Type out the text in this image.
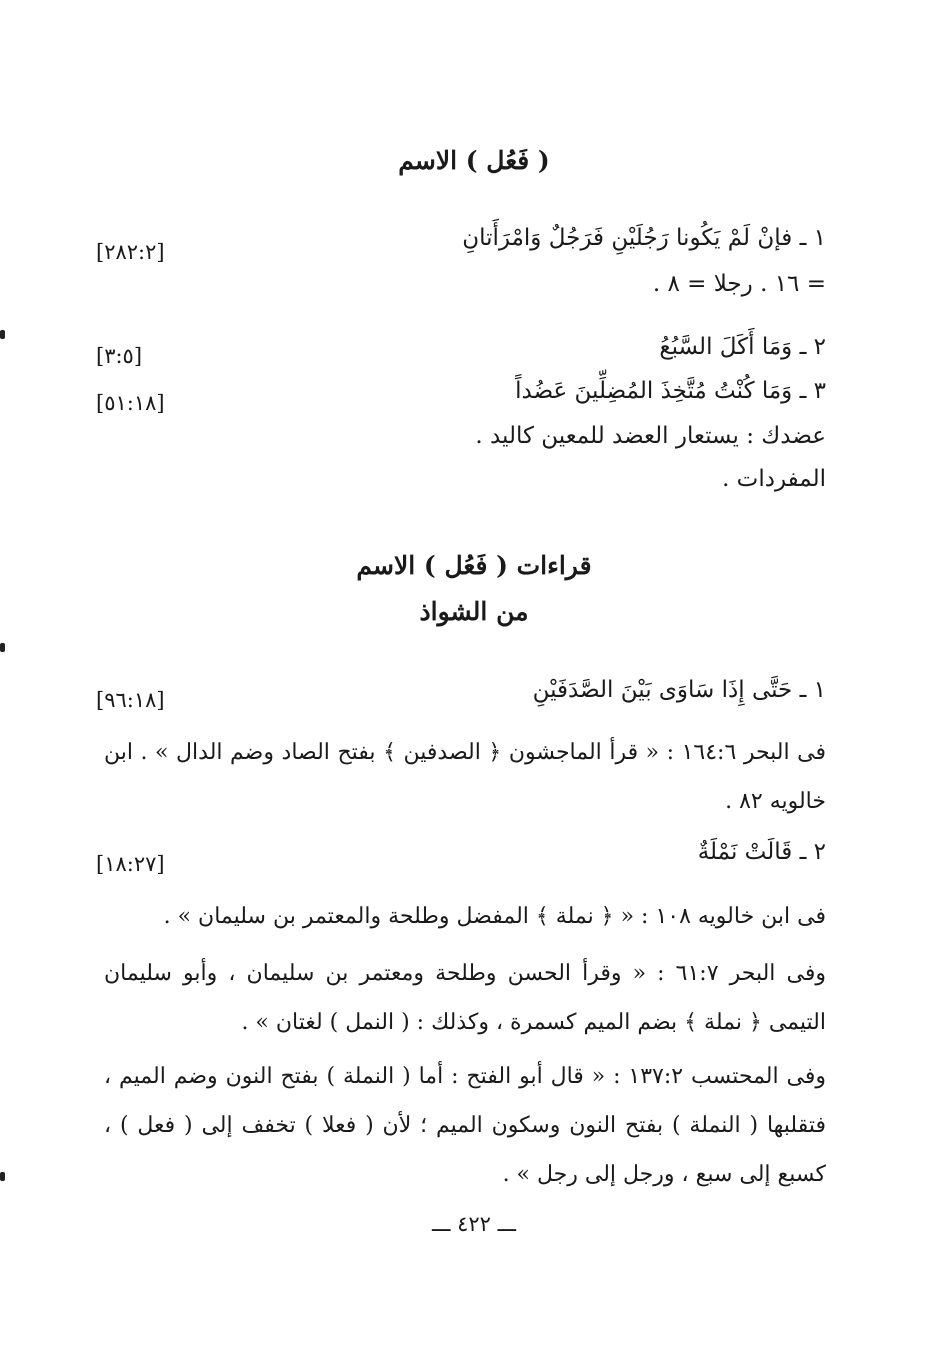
( فَعُل ) الاسم
١ ـ فإنْ لَمْ يَكُونا رَجُلَيْنِ فَرَجُلٌ وَامْرَأَتانِ
[٢٨٢:٢]
= ١٦ . رجلا = ٨ .
٢ ـ وَمَا أَكَلَ السَّبُعُ
[٣:٥]
٣ ـ وَمَا كُنْتُ مُتَّخِذَ المُضِلِّينَ عَضُداً
[٥١:١٨]
عضدك : يستعار العضد للمعين كاليد .
المفردات .
قراءات ( فَعُل ) الاسم
من الشواذ
١ ـ حَتَّى إِذَا سَاوَى بَيْنَ الصَّدَفَيْنِ
[٩٦:١٨]
فى البحر ١٦٤:٦ : « قرأ الماجشون ﴿ الصدفين ﴾ بفتح الصاد وضم الدال » . ابن خالويه ٨٢ .
٢ ـ قَالَتْ نَمْلَةٌ
[١٨:٢٧]
فى ابن خالويه ١٠٨ : « ﴿ نملة ﴾ المفضل وطلحة والمعتمر بن سليمان » .
وفى البحر ٦١:٧ : « وقرأ الحسن وطلحة ومعتمر بن سليمان ، وأبو سليمان التيمى ﴿ نملة ﴾ بضم الميم كسمرة ، وكذلك : ( النمل ) لغتان » .
وفى المحتسب ١٣٧:٢ : « قال أبو الفتح : أما ( النملة ) بفتح النون وضم الميم ، فتقلبها ( النملة ) بفتح النون وسكون الميم ؛ لأن ( فعلا ) تخفف إلى ( فعل ) ، كسبع إلى سبع ، ورجل إلى رجل » .
ـــ ٤٢٢ ـــ
